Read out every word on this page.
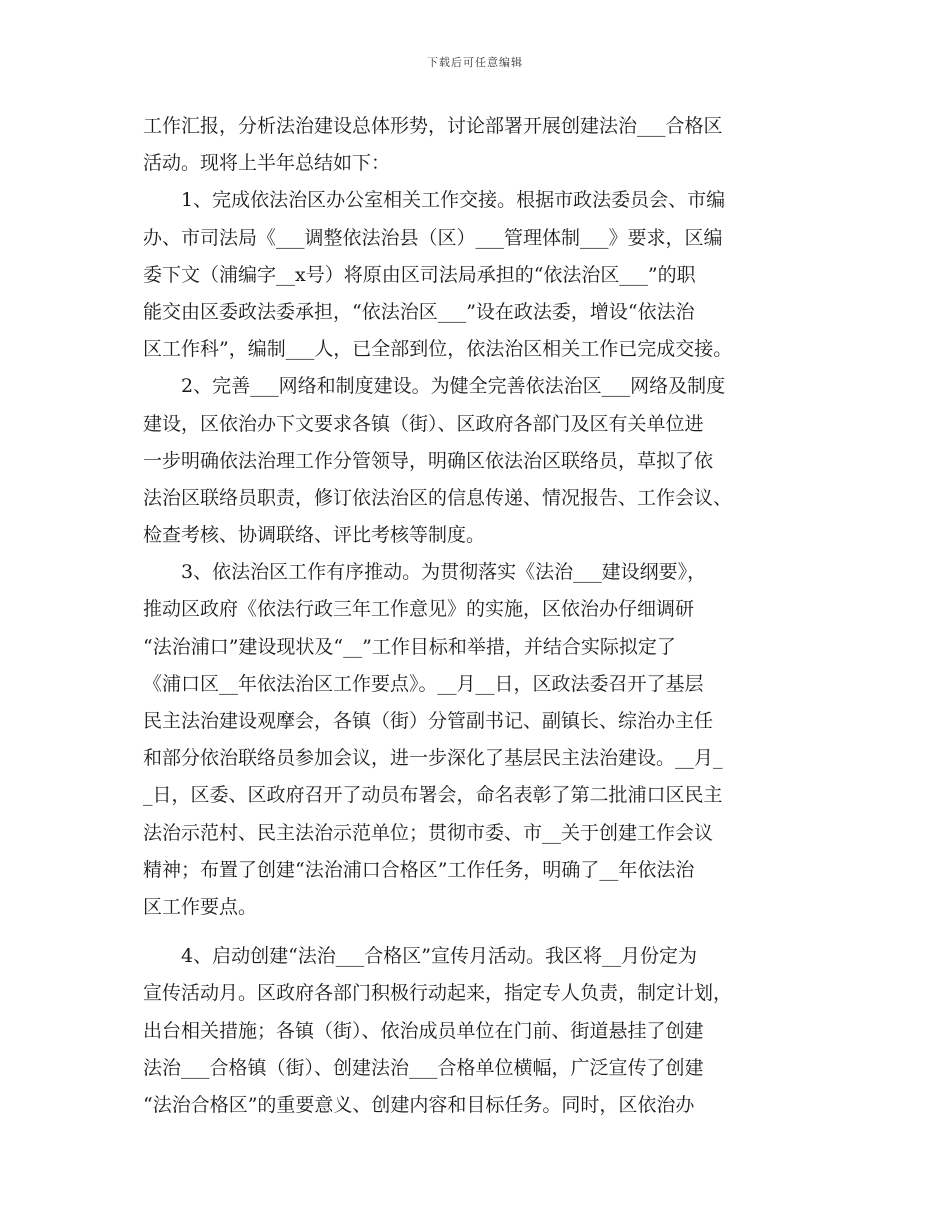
下载后可任意编辑
工作汇报，分析法治建设总体形势，讨论部署开展创建法治___合格区
活动。现将上半年总结如下：
　　1、完成依法治区办公室相关工作交接。根据市政法委员会、市编
办、市司法局《___调整依法治县（区）___管理体制___》要求，区编
委下文（浦编字__x号）将原由区司法局承担的“依法治区___”的职
能交由区委政法委承担，“依法治区___”设在政法委，增设“依法治
区工作科”，编制___人，已全部到位，依法治区相关工作已完成交接。
　　2、完善___网络和制度建设。为健全完善依法治区___网络及制度
建设，区依治办下文要求各镇（街）、区政府各部门及区有关单位进
一步明确依法治理工作分管领导，明确区依法治区联络员，草拟了依
法治区联络员职责，修订依法治区的信息传递、情况报告、工作会议、
检查考核、协调联络、评比考核等制度。
　　3、依法治区工作有序推动。为贯彻落实《法治___建设纲要》，
推动区政府《依法行政三年工作意见》的实施，区依治办仔细调研
“法治浦口”建设现状及“__”工作目标和举措，并结合实际拟定了
《浦口区__年依法治区工作要点》。__月__日，区政法委召开了基层
民主法治建设观摩会，各镇（街）分管副书记、副镇长、综治办主任
和部分依治联络员参加会议，进一步深化了基层民主法治建设。__月_
_日，区委、区政府召开了动员布署会，命名表彰了第二批浦口区民主
法治示范村、民主法治示范单位；贯彻市委、市__关于创建工作会议
精神；布置了创建“法治浦口合格区”工作任务，明确了__年依法治
区工作要点。
　　4、启动创建“法治___合格区”宣传月活动。我区将__月份定为
宣传活动月。区政府各部门积极行动起来，指定专人负责，制定计划，
出台相关措施；各镇（街）、依治成员单位在门前、街道悬挂了创建
法治___合格镇（街）、创建法治___合格单位横幅，广泛宣传了创建
“法治合格区”的重要意义、创建内容和目标任务。同时，区依治办
